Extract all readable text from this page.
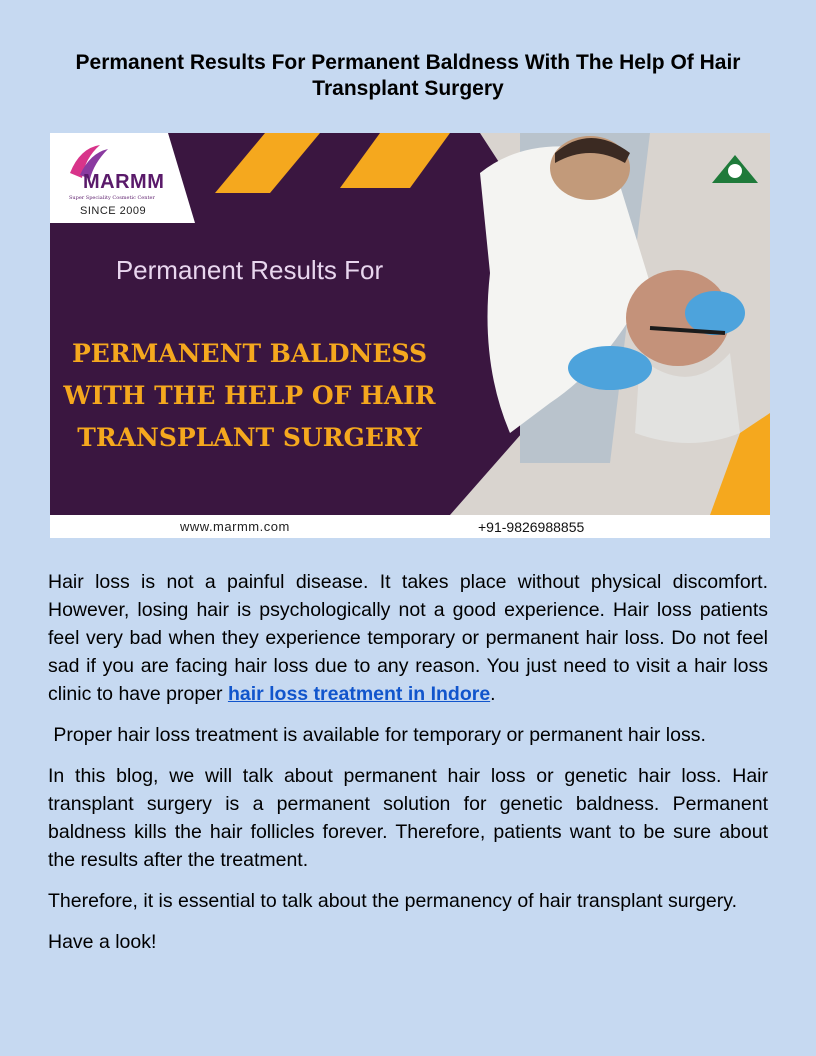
Permanent Results For Permanent Baldness With The Help Of Hair Transplant Surgery
MARMM
Super Speciality Cosmetic Center
SINCE 2009
Permanent Results For
PERMANENT BALDNESS WITH THE HELP OF HAIR TRANSPLANT SURGERY
www.marmm.com	+91-9826988855

Hair loss is not a painful disease. It takes place without physical discomfort. However, losing hair is psychologically not a good experience. Hair loss patients feel very bad when they experience temporary or permanent hair loss. Do not feel sad if you are facing hair loss due to any reason. You just need to visit a hair loss clinic to have proper hair loss treatment in Indore.

Proper hair loss treatment is available for temporary or permanent hair loss.

In this blog, we will talk about permanent hair loss or genetic hair loss. Hair transplant surgery is a permanent solution for genetic baldness. Permanent baldness kills the hair follicles forever. Therefore, patients want to be sure about the results after the treatment.

Therefore, it is essential to talk about the permanency of hair transplant surgery.

Have a look!
